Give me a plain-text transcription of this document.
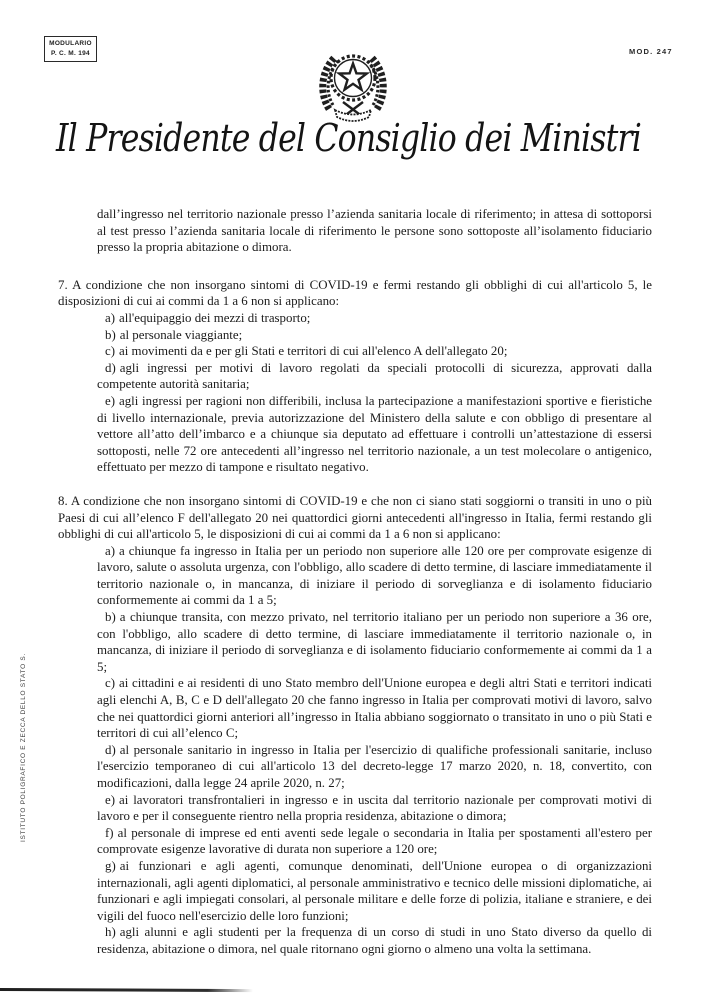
MODULARIO
P. C. M. 194	MOD. 247
Il Presidente del Consiglio dei Ministri
ISTITUTO POLIGRAFICO E ZECCA DELLO STATO S.

dall’ingresso nel territorio nazionale presso l’azienda sanitaria locale di riferimento; in attesa di sottoporsi al test presso l’azienda sanitaria locale di riferimento le persone sono sottoposte all’isolamento fiduciario presso la propria abitazione o dimora.

7. A condizione che non insorgano sintomi di COVID-19 e fermi restando gli obblighi di cui all'articolo 5, le disposizioni di cui ai commi da 1 a 6 non si applicano:

a) all'equipaggio dei mezzi di trasporto;

b) al personale viaggiante;

c) ai movimenti da e per gli Stati e territori di cui all'elenco A dell'allegato 20;

d) agli ingressi per motivi di lavoro regolati da speciali protocolli di sicurezza, approvati dalla competente autorità sanitaria;

e) agli ingressi per ragioni non differibili, inclusa la partecipazione a manifestazioni sportive e fieristiche di livello internazionale, previa autorizzazione del Ministero della salute e con obbligo di presentare al vettore all’atto dell’imbarco e a chiunque sia deputato ad effettuare i controlli un’attestazione di essersi sottoposti, nelle 72 ore antecedenti all’ingresso nel territorio nazionale, a un test molecolare o antigenico, effettuato per mezzo di tampone e risultato negativo.

8. A condizione che non insorgano sintomi di COVID-19 e che non ci siano stati soggiorni o transiti in uno o più Paesi di cui all’elenco F dell'allegato 20 nei quattordici giorni antecedenti all'ingresso in Italia, fermi restando gli obblighi di cui all'articolo 5, le disposizioni di cui ai commi da 1 a 6 non si applicano:

a) a chiunque fa ingresso in Italia per un periodo non superiore alle 120 ore per comprovate esigenze di lavoro, salute o assoluta urgenza, con l'obbligo, allo scadere di detto termine, di lasciare immediatamente il territorio nazionale o, in mancanza, di iniziare il periodo di sorveglianza e di isolamento fiduciario conformemente ai commi da 1 a 5;

b) a chiunque transita, con mezzo privato, nel territorio italiano per un periodo non superiore a 36 ore, con l'obbligo, allo scadere di detto termine, di lasciare immediatamente il territorio nazionale o, in mancanza, di iniziare il periodo di sorveglianza e di isolamento fiduciario conformemente ai commi da 1 a 5;

c) ai cittadini e ai residenti di uno Stato membro dell'Unione europea e degli altri Stati e territori indicati agli elenchi A, B, C e D dell'allegato 20 che fanno ingresso in Italia per comprovati motivi di lavoro, salvo che nei quattordici giorni anteriori all’ingresso in Italia abbiano soggiornato o transitato in uno o più Stati e territori di cui all’elenco C;

d) al personale sanitario in ingresso in Italia per l'esercizio di qualifiche professionali sanitarie, incluso l'esercizio temporaneo di cui all'articolo 13 del decreto-legge 17 marzo 2020, n. 18, convertito, con modificazioni, dalla legge 24 aprile 2020, n. 27;

e) ai lavoratori transfrontalieri in ingresso e in uscita dal territorio nazionale per comprovati motivi di lavoro e per il conseguente rientro nella propria residenza, abitazione o dimora;

f) al personale di imprese ed enti aventi sede legale o secondaria in Italia per spostamenti all'estero per comprovate esigenze lavorative di durata non superiore a 120 ore;

g) ai funzionari e agli agenti, comunque denominati, dell'Unione europea o di organizzazioni internazionali, agli agenti diplomatici, al personale amministrativo e tecnico delle missioni diplomatiche, ai funzionari e agli impiegati consolari, al personale militare e delle forze di polizia, italiane e straniere, e dei vigili del fuoco nell'esercizio delle loro funzioni;

h) agli alunni e agli studenti per la frequenza di un corso di studi in uno Stato diverso da quello di residenza, abitazione o dimora, nel quale ritornano ogni giorno o almeno una volta la settimana.
